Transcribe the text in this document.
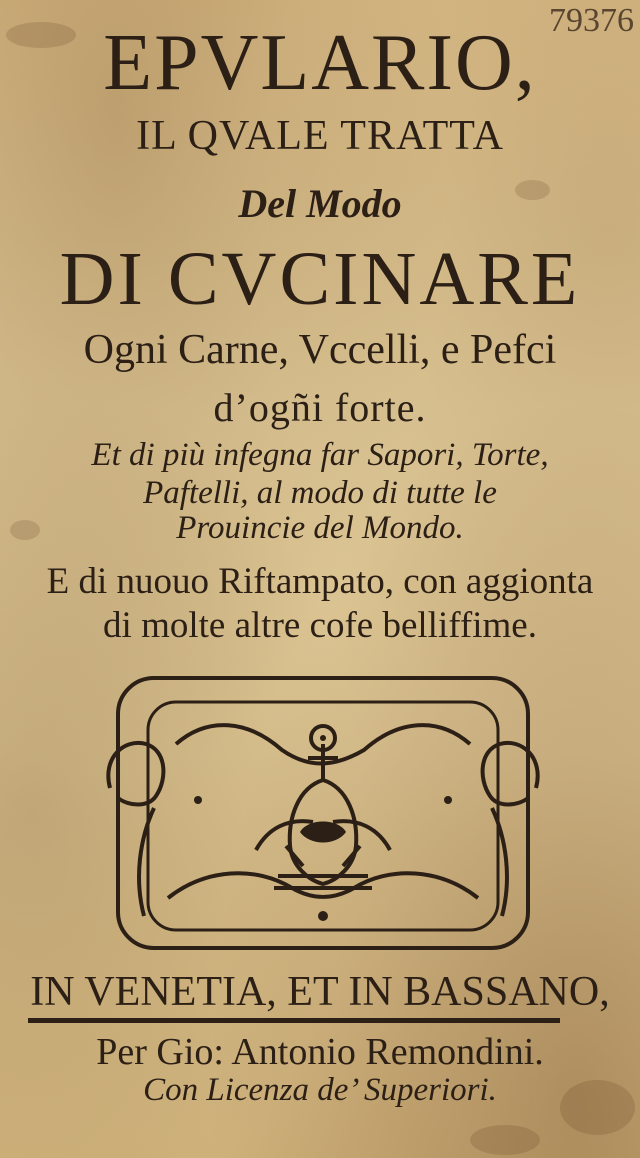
79376
EPVLARIO,
IL QVALE TRATTA
Del Modo
DI CVCINARE
Ogni Carne, Vccelli, e Pefci
d’ogñi forte.
Et di più infegna far Sapori, Torte,
Paftelli, al modo di tutte le
Prouincie del Mondo.
E di nuouo Riftampato, con aggionta
di molte altre cofe belliffime.
IN VENETIA, ET IN BASSANO,
Per Gio: Antonio Remondini.
Con Licenza de’ Superiori.
